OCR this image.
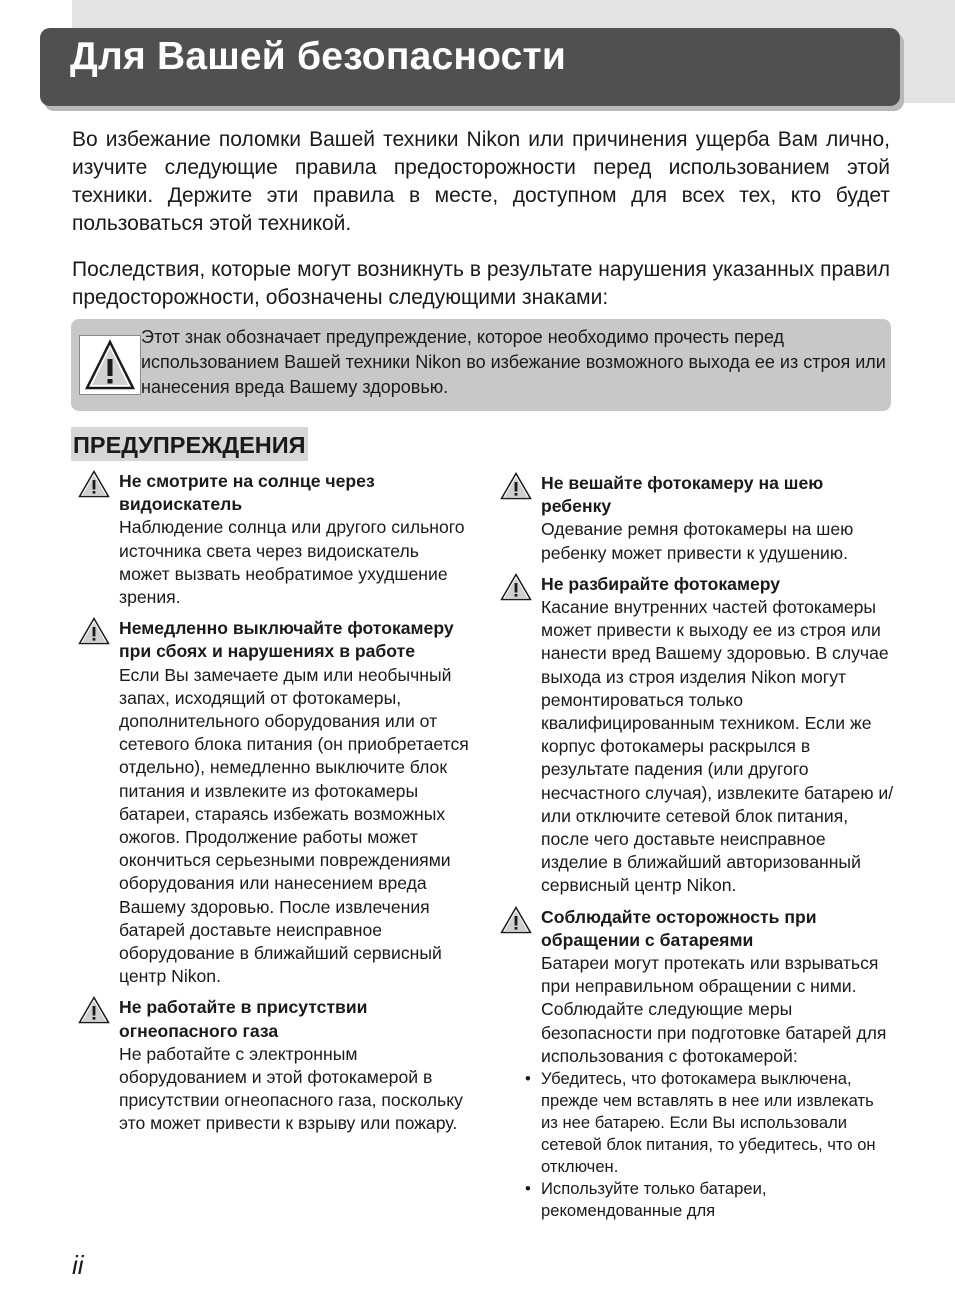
Для Вашей безопасности

Во избежание поломки Вашей техники Nikon или причинения ущерба Вам лично, изучите следующие правила предосторожности перед использованием этой техники. Держите эти правила в месте, доступном для всех тех, кто будет пользоваться этой техникой.

Последствия, которые могут возникнуть в результате нарушения указанных правил предосторожности, обозначены следующими знаками:

Этот знак обозначает предупреждение, которое необходимо прочесть перед использованием Вашей техники Nikon во избежание возможного выхода ее из строя или нанесения вреда Вашему здоровью.

ПРЕДУПРЕЖДЕНИЯ
Не смотрите на солнце через видоискатель

Наблюдение солнца или другого сильного источника света через видоискатель может вызвать необратимое ухудшение зрения.

Немедленно выключайте фотокамеру при сбоях и нарушениях в работе

Если Вы замечаете дым или необычный запах, исходящий от фотокамеры, дополнительного оборудования или от сетевого блока питания (он приобретается отдельно), немедленно выключите блок питания и извлеките из фотокамеры батареи, стараясь избежать возможных ожогов. Продолжение работы может окончиться серьезными повреждениями оборудования или нанесением вреда Вашему здоровью. После извлечения батарей доставьте неисправное оборудование в ближайший сервисный центр Nikon.

Не работайте в присутствии огнеопасного газа

Не работайте с электронным оборудованием и этой фотокамерой в присутствии огнеопасного газа, поскольку это может привести к взрыву или пожару.

Не вешайте фотокамеру на шею ребенку

Одевание ремня фотокамеры на шею ребенку может привести к удушению.

Не разбирайте фотокамеру

Касание внутренних частей фотокамеры может привести к выходу ее из строя или нанести вред Вашему здоровью. В случае выхода из строя изделия Nikon могут ремонтироваться только квалифицированным техником. Если же корпус фотокамеры раскрылся в результате падения (или другого несчастного случая), извлеките батарею и/или отключите сетевой блок питания, после чего доставьте неисправное изделие в ближайший авторизованный сервисный центр Nikon.

Соблюдайте осторожность при обращении с батареями

Батареи могут протекать или взрываться при неправильном обращении с ними. Соблюдайте следующие меры безопасности при подготовке батарей для использования с фотокамерой:

• Убедитесь, что фотокамера выключена, прежде чем вставлять в нее или извлекать из нее батарею. Если Вы использовали сетевой блок питания, то убедитесь, что он отключен.
• Используйте только батареи, рекомендованные для

ii
